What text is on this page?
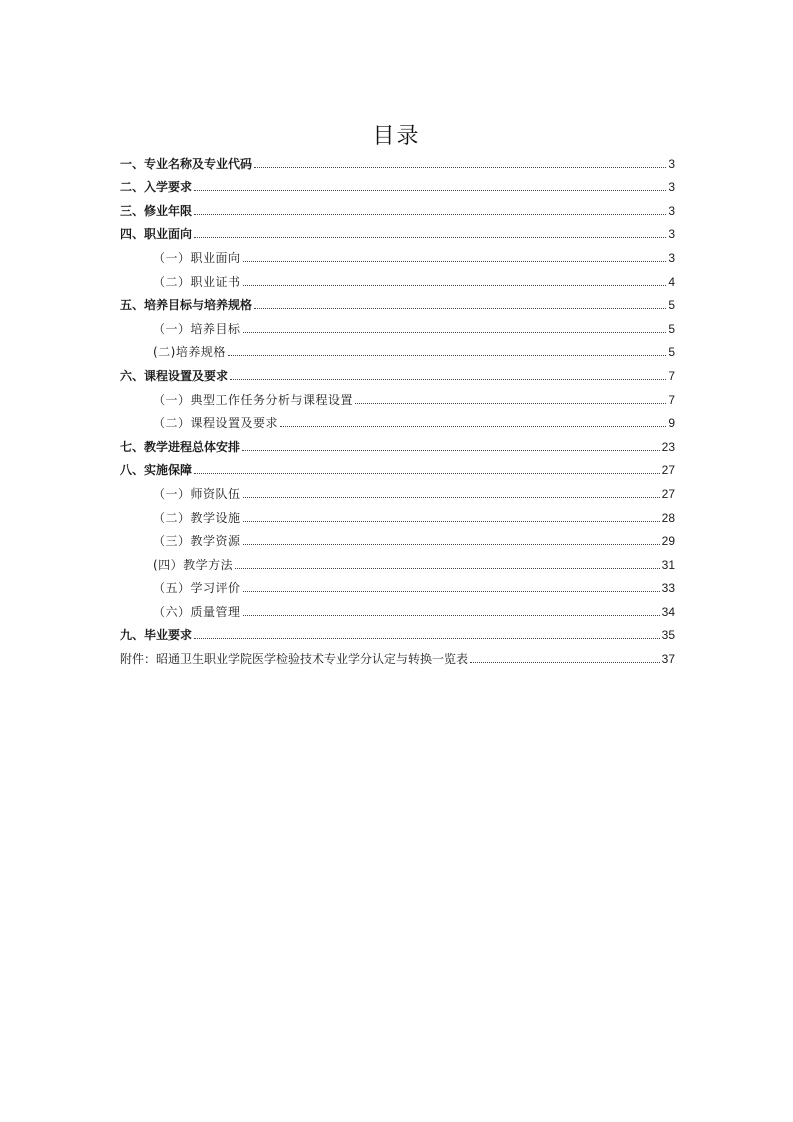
目录
一、专业名称及专业代码	3
二、入学要求	3
三、修业年限	3
四、职业面向	3
（一）职业面向	3
（二）职业证书	4
五、培养目标与培养规格	5
（一）培养目标	5
(二)培养规格	5
六、课程设置及要求	7
（一）典型工作任务分析与课程设置	7
（二）课程设置及要求	9
七、教学进程总体安排	23
八、实施保障	27
（一）师资队伍	27
（二）教学设施	28
（三）教学资源	29
(四）教学方法	31
（五）学习评价	33
（六）质量管理	34
九、毕业要求	35
附件：昭通卫生职业学院医学检验技术专业学分认定与转换一览表	37
